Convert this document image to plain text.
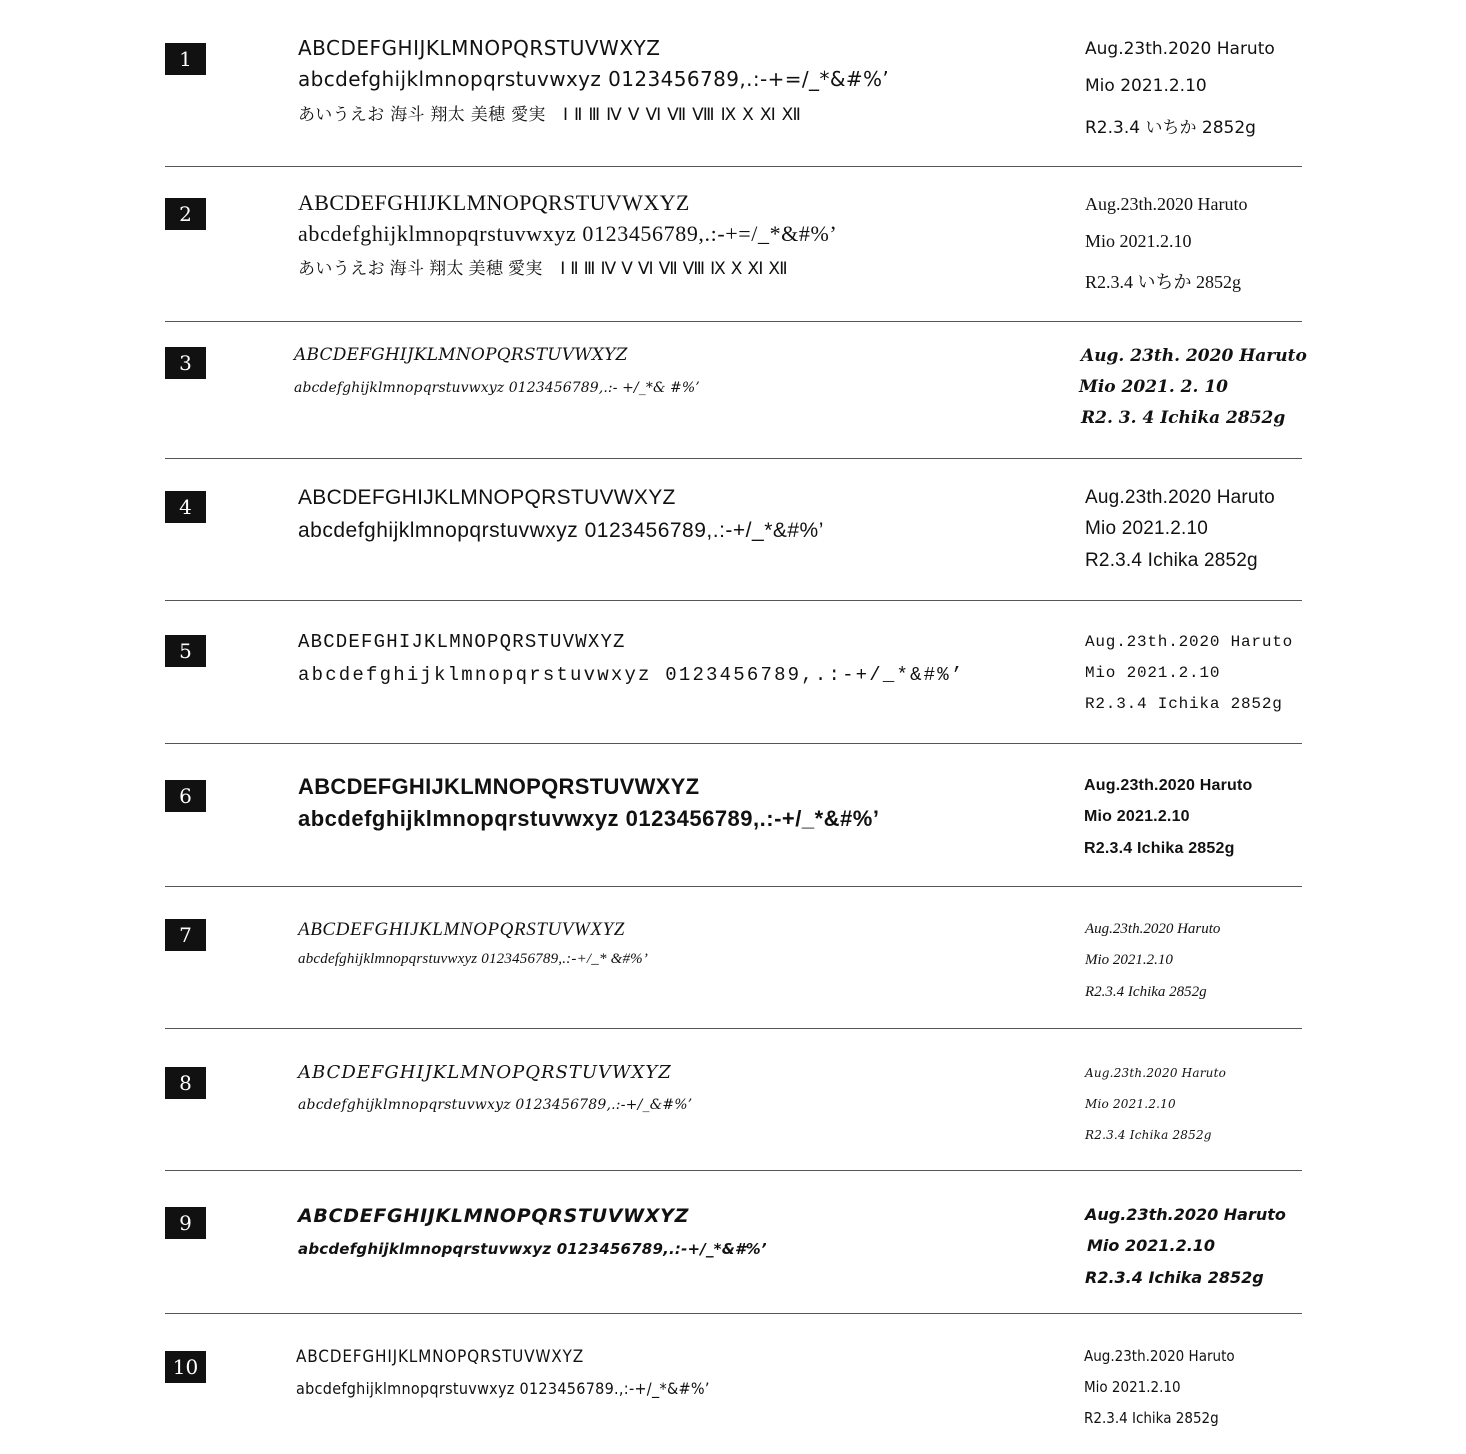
1	ABCDEFGHIJKLMNOPQRSTUVWXYZ
abcdefghijklmnopqrstuvwxyz 0123456789,.:-+=/_*&#%’
あいうえお 海斗 翔太 美穂 愛実　Ⅰ Ⅱ Ⅲ Ⅳ Ⅴ Ⅵ Ⅶ Ⅷ Ⅸ Ⅹ Ⅺ Ⅻ
Aug.23th.2020 Haruto
Mio 2021.2.10
R2.3.4 いちか 2852g
2	ABCDEFGHIJKLMNOPQRSTUVWXYZ
abcdefghijklmnopqrstuvwxyz 0123456789,.:-+=/_*&#%’
あいうえお 海斗 翔太 美穂 愛実　Ⅰ Ⅱ Ⅲ Ⅳ Ⅴ Ⅵ Ⅶ Ⅷ Ⅸ Ⅹ Ⅺ Ⅻ
Aug.23th.2020 Haruto
Mio 2021.2.10
R2.3.4 いちか 2852g
3	ABCDEFGHIJKLMNOPQRSTUVWXYZ
abcdefghijklmnopqrstuvwxyz 0123456789,.:- +/_*& #%’
Aug. 23th. 2020 Haruto
Mio 2021. 2. 10
R2. 3. 4 Ichika 2852g
4	ABCDEFGHIJKLMNOPQRSTUVWXYZ
abcdefghijklmnopqrstuvwxyz 0123456789,.:-+/_*&#%’
Aug.23th.2020 Haruto
Mio 2021.2.10
R2.3.4 Ichika 2852g
5	ABCDEFGHIJKLMNOPQRSTUVWXYZ
abcdefghijklmnopqrstuvwxyz 0123456789,.:-+/_*&#%’
Aug.23th.2020 Haruto
Mio 2021.2.10
R2.3.4 Ichika 2852g
6	ABCDEFGHIJKLMNOPQRSTUVWXYZ
abcdefghijklmnopqrstuvwxyz 0123456789,.:-+/_*&#%’
Aug.23th.2020 Haruto
Mio 2021.2.10
R2.3.4 Ichika 2852g
7	ABCDEFGHIJKLMNOPQRSTUVWXYZ
abcdefghijklmnopqrstuvwxyz 0123456789,.:-+/_* &#%’
Aug.23th.2020 Haruto
Mio 2021.2.10
R2.3.4 Ichika 2852g
8	ABCDEFGHIJKLMNOPQRSTUVWXYZ
abcdefghijklmnopqrstuvwxyz 0123456789,.:-+/_&#%’
Aug.23th.2020 Haruto
Mio 2021.2.10
R2.3.4 Ichika 2852g
9	ABCDEFGHIJKLMNOPQRSTUVWXYZ
abcdefghijklmnopqrstuvwxyz 0123456789,.:-+/_*&#%’
Aug.23th.2020 Haruto
Mio 2021.2.10
R2.3.4 Ichika 2852g
10	ABCDEFGHIJKLMNOPQRSTUVWXYZ
abcdefghijklmnopqrstuvwxyz 0123456789.,:-+/_*&#%’
Aug.23th.2020 Haruto
Mio 2021.2.10
R2.3.4 Ichika 2852g
